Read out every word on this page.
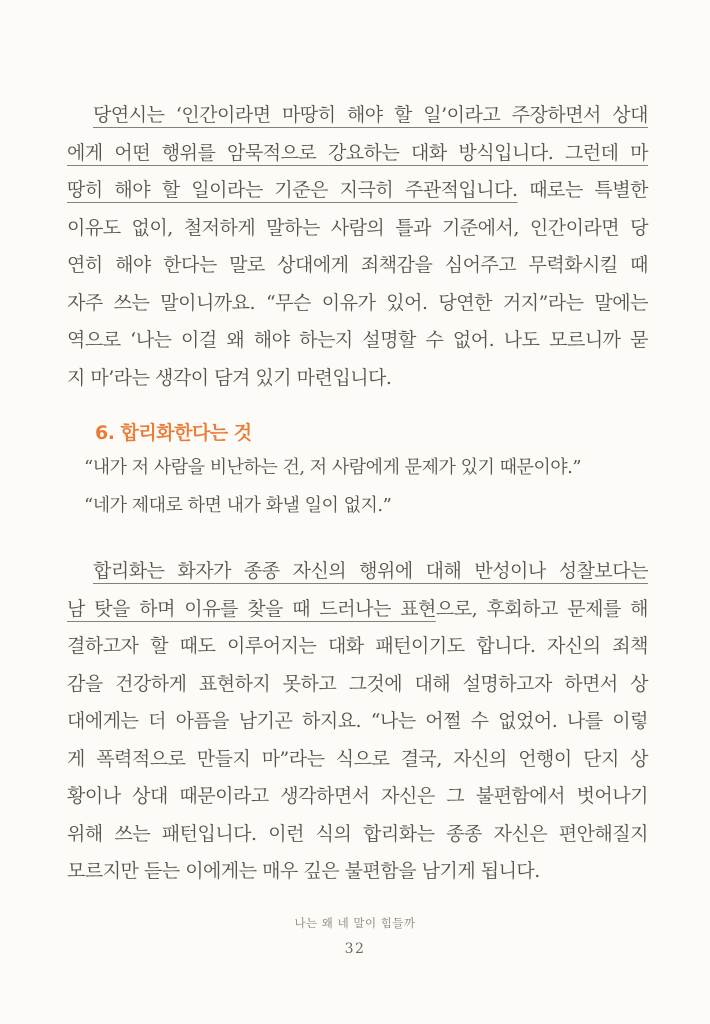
당연시는 ‘인간이라면 마땅히 해야 할 일’이라고 주장하면서 상대
에게 어떤 행위를 암묵적으로 강요하는 대화 방식입니다. 그런데 마
땅히 해야 할 일이라는 기준은 지극히 주관적입니다. 때로는 특별한
이유도 없이, 철저하게 말하는 사람의 틀과 기준에서, 인간이라면 당
연히 해야 한다는 말로 상대에게 죄책감을 심어주고 무력화시킬 때
자주 쓰는 말이니까요. “무슨 이유가 있어. 당연한 거지”라는 말에는
역으로 ‘나는 이걸 왜 해야 하는지 설명할 수 없어. 나도 모르니까 묻
지 마’라는 생각이 담겨 있기 마련입니다.
6. 합리화한다는 것
“내가 저 사람을 비난하는 건, 저 사람에게 문제가 있기 때문이야.”
“네가 제대로 하면 내가 화낼 일이 없지.”
합리화는 화자가 종종 자신의 행위에 대해 반성이나 성찰보다는
남 탓을 하며 이유를 찾을 때 드러나는 표현으로, 후회하고 문제를 해
결하고자 할 때도 이루어지는 대화 패턴이기도 합니다. 자신의 죄책
감을 건강하게 표현하지 못하고 그것에 대해 설명하고자 하면서 상
대에게는 더 아픔을 남기곤 하지요. “나는 어쩔 수 없었어. 나를 이렇
게 폭력적으로 만들지 마”라는 식으로 결국, 자신의 언행이 단지 상
황이나 상대 때문이라고 생각하면서 자신은 그 불편함에서 벗어나기
위해 쓰는 패턴입니다. 이런 식의 합리화는 종종 자신은 편안해질지
모르지만 듣는 이에게는 매우 깊은 불편함을 남기게 됩니다.
나는 왜 네 말이 힘들까
32
